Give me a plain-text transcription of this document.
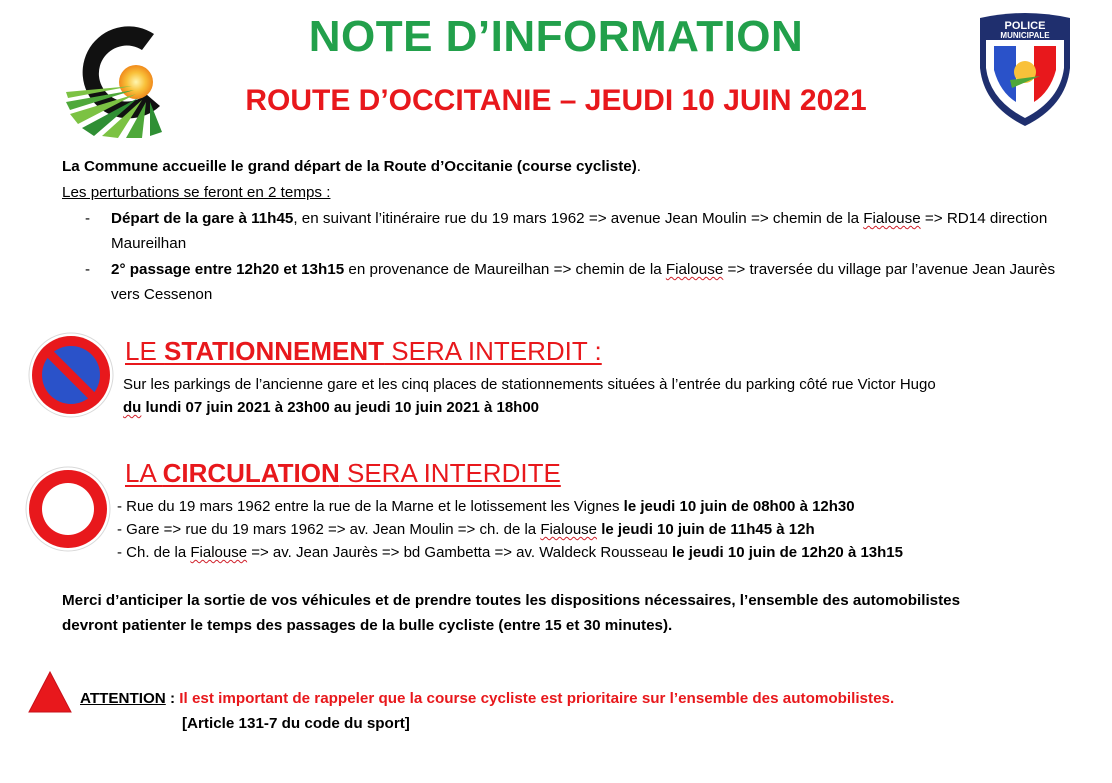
POLICE
MUNICIPALE
NOTE D’INFORMATION
ROUTE D’OCCITANIE – JEUDI 10 JUIN 2021
La Commune accueille le grand départ de la Route d’Occitanie (course cycliste).
Les perturbations se feront en 2 temps :
- Départ de la gare à 11h45, en suivant l’itinéraire rue du 19 mars 1962 => avenue Jean Moulin => chemin de la Fialouse => RD14 direction Maureilhan
- 2° passage entre 12h20 et 13h15 en provenance de Maureilhan => chemin de la Fialouse => traversée du village par l’avenue Jean Jaurès vers Cessenon
LE STATIONNEMENT SERA INTERDIT :
Sur les parkings de l’ancienne gare et les cinq places de stationnements situées à l’entrée du parking côté rue Victor Hugo
du lundi 07 juin 2021 à 23h00 au jeudi 10 juin 2021 à 18h00
LA CIRCULATION SERA INTERDITE
- Rue du 19 mars 1962 entre la rue de la Marne et le lotissement les Vignes le jeudi 10 juin de 08h00 à 12h30
- Gare => rue du 19 mars 1962 => av. Jean Moulin => ch. de la Fialouse le jeudi 10 juin de 11h45 à 12h
- Ch. de la Fialouse => av. Jean Jaurès => bd Gambetta => av. Waldeck Rousseau le jeudi 10 juin de 12h20 à 13h15
Merci d’anticiper la sortie de vos véhicules et de prendre toutes les dispositions nécessaires, l’ensemble des automobilistes
devront patienter le temps des passages de la bulle cycliste (entre 15 et 30 minutes).
ATTENTION : Il est important de rappeler que la course cycliste est prioritaire sur l’ensemble des automobilistes.
[Article 131-7 du code du sport]
